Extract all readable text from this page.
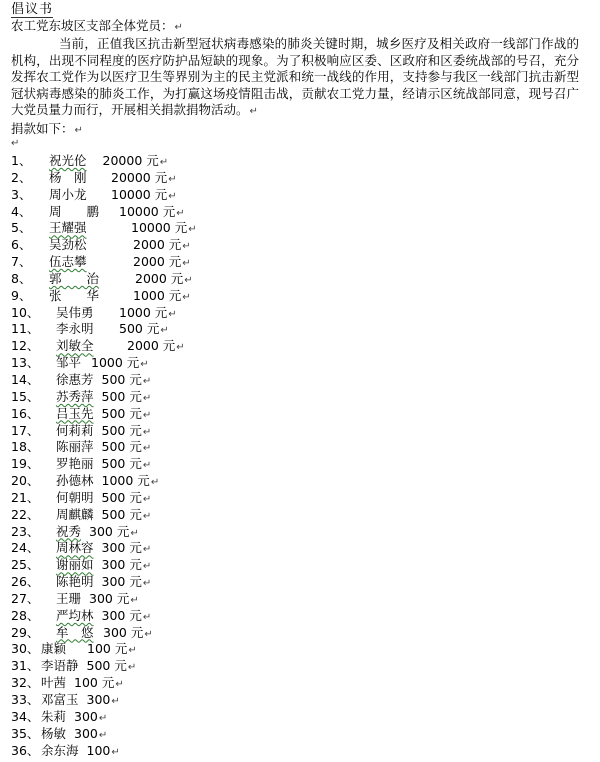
倡议书
农工党东坡区支部全体党员：↵
当前，正值我区抗击新型冠状病毒感染的肺炎关键时期，城乡医疗及相关政府一线部门作战的机构，出现不同程度的医疗防护品短缺的现象。为了积极响应区委、区政府和区委统战部的号召，充分发挥农工党作为以医疗卫生等界别为主的民主党派和统一战线的作用，支持参与我区一线部门抗击新型冠状病毒感染的肺炎工作，为打赢这场疫情阻击战，贡献农工党力量，经请示区统战部同意，现号召广大党员量力而行，开展相关捐款捐物活动。↵
捐款如下：↵
↵
1、	祝光伦 20000 元↵
2、	杨　刚 20000 元↵
3、	周小龙 10000 元↵
4、	周　　鹏 10000 元↵
5、	王耀强	10000 元↵
6、	吴劲松	2000 元↵
7、	伍志攀	2000 元↵
8、	郭　　治	2000 元↵
9、	张　　华	1000 元↵
10、 吴伟勇 1000 元↵
11、 李永明 500 元↵
12、 刘敏全	2000 元↵
13、 邹平 1000 元↵
14、 徐惠芳 500 元↵
15、 苏秀萍 500 元↵
16、 吕玉先 500 元↵
17、 何莉莉 500 元↵
18、 陈丽萍 500 元↵
19、 罗艳丽 500 元↵
20、 孙德林 1000 元↵
21、 何朝明 500 元↵
22、 周麒麟 500 元↵
23、 祝秀 300 元↵
24、 周林容 300 元↵
25、 谢丽如 300 元↵
26、 陈艳明 300 元↵
27、 王珊 300 元↵
28、 严均林 300 元↵
29、 牟　悠 300 元↵
30、 康颖 100 元↵
31、 李语静 500 元↵
32、 叶茜 100 元↵
33、 邓富玉 300↵
34、 朱莉 300↵
35、 杨敏 300↵
36、 余东海 100↵
